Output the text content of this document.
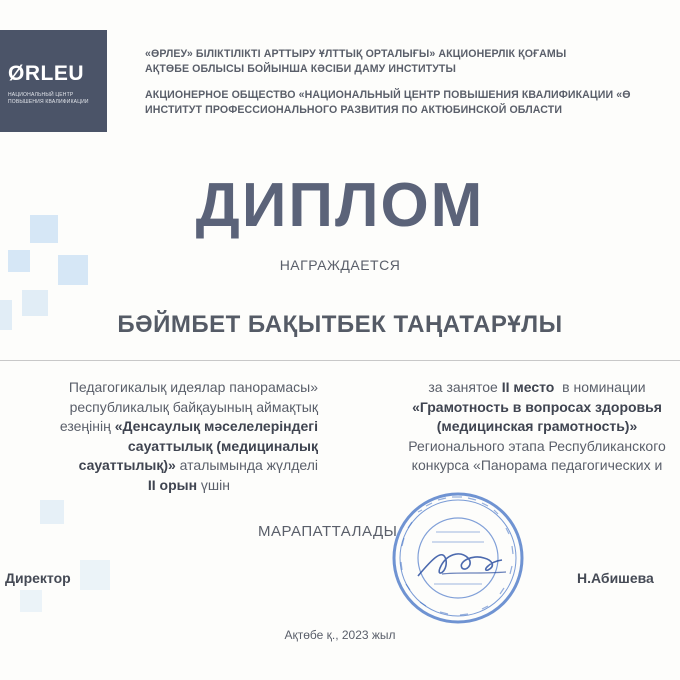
ØRLEU
НАЦИОНАЛЬНЫЙ ЦЕНТР
ПОВЫШЕНИЯ КВАЛИФИКАЦИИ
«ӨРЛЕУ» БІЛІКТІЛІКТІ АРТТЫРУ ҰЛТТЫҚ ОРТАЛЫҒЫ» АКЦИОНЕРЛІК ҚОҒАМЫ
АҚТӨБЕ ОБЛЫСЫ БОЙЫНША КӘСІБИ ДАМУ ИНСТИТУТЫ
АКЦИОНЕРНОЕ ОБЩЕСТВО «НАЦИОНАЛЬНЫЙ ЦЕНТР ПОВЫШЕНИЯ КВАЛИФИКАЦИИ «Ө
ИНСТИТУТ ПРОФЕССИОНАЛЬНОГО РАЗВИТИЯ ПО АКТЮБИНСКОЙ ОБЛАСТИ
ДИПЛОМ
НАГРАЖДАЕТСЯ
БӘЙМБЕТ БАҚЫТБЕК ТАҢАТАРҰЛЫ
Педагогикалық идеялар панорамасы»
республикалық байқауының аймақтық
езеңінің «Денсаулық мәселелеріндегі
сауаттылық (медициналық
сауаттылық)» аталымында жүлделі
II орын үшін
за занятое II место  в номинации
«Грамотность в вопросах здоровья
(медицинская грамотность)»
Регионального этапа Республиканского
конкурса «Панорама педагогических и
МАРАПАТТАЛАДЫ
Директор	Н.Абишева
Ақтөбе қ., 2023 жыл
